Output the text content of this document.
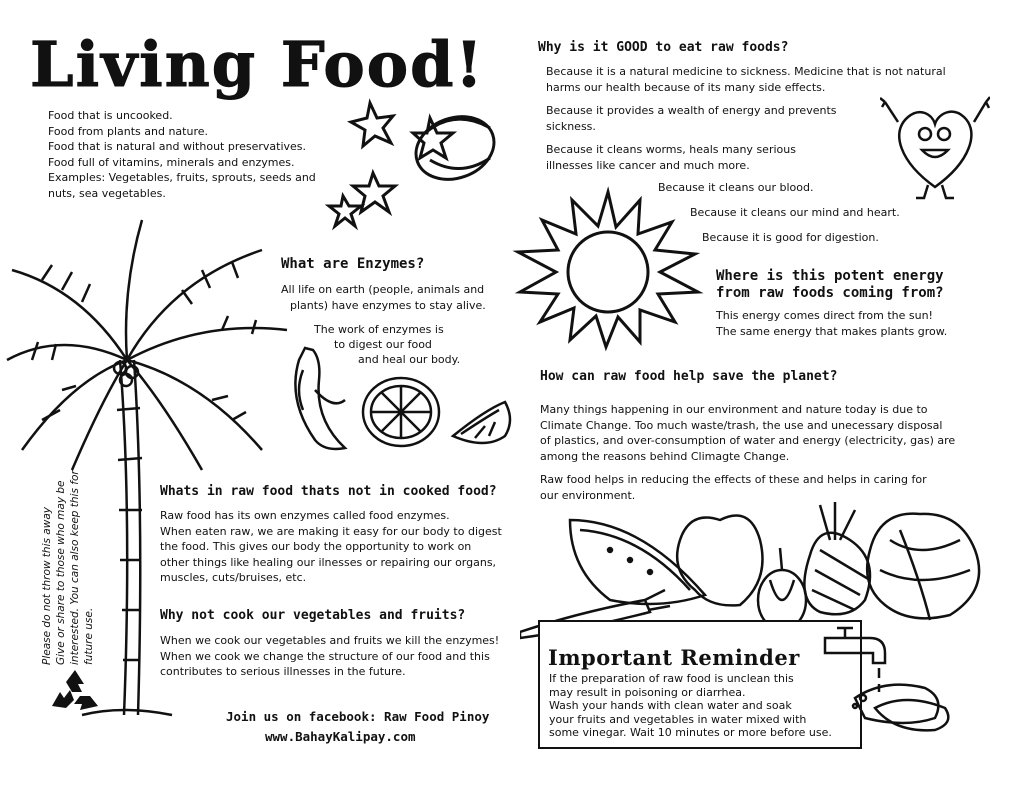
Living Food!
Food that is uncooked.
Food from plants and nature.
Food that is natural and without preservatives.
Food full of vitamins, minerals and enzymes.
Examples: Vegetables, fruits, sprouts, seeds and
nuts, sea vegetables.
Why is it GOOD to eat raw foods?
Because it is a natural medicine to sickness. Medicine that is not natural
harms our health because of its many side effects.
Because it provides a wealth of energy and prevents
sickness.
Because it cleans worms, heals many serious
illnesses like cancer and much more.
Because it cleans our blood.
Because it cleans our mind and heart.
Because it is good for digestion.
Where is this potent energy
from raw foods coming from?
This energy comes direct from the sun!
The same energy that makes plants grow.
What are Enzymes?
All life on earth (people, animals and
plants) have enzymes to stay alive.
The work of enzymes is
to digest our food
and heal our body.
How can raw food help save the planet?
Many things happening in our environment and nature today is due to
Climate Change. Too much waste/trash, the use and unecessary disposal
of plastics, and over-consumption of water and energy (electricity, gas) are
among the reasons behind Climagte Change.
Raw food helps in reducing the effects of these and helps in caring for
our environment.
Please do not throw this away Give or share to those who may be interested. You can also keep this for future use.
Whats in raw food thats not in cooked food?
Raw food has its own enzymes called food enzymes.
When eaten raw, we are making it easy for our body to digest
the food. This gives our body the opportunity to work on
other things like healing our ilnesses or repairing our organs,
muscles, cuts/bruises, etc.
Why not cook our vegetables and fruits?
When we cook our vegetables and fruits we kill the enzymes!
When we cook we change the structure of our food and this
contributes to serious illnesses in the future.
Join us on facebook: Raw Food Pinoy
www.BahayKalipay.com
Important Reminder
If the preparation of raw food is unclean this
may result in poisoning or diarrhea.
Wash your hands with clean water and soak
your fruits and vegetables in water mixed with
some vinegar. Wait 10 minutes or more before use.
